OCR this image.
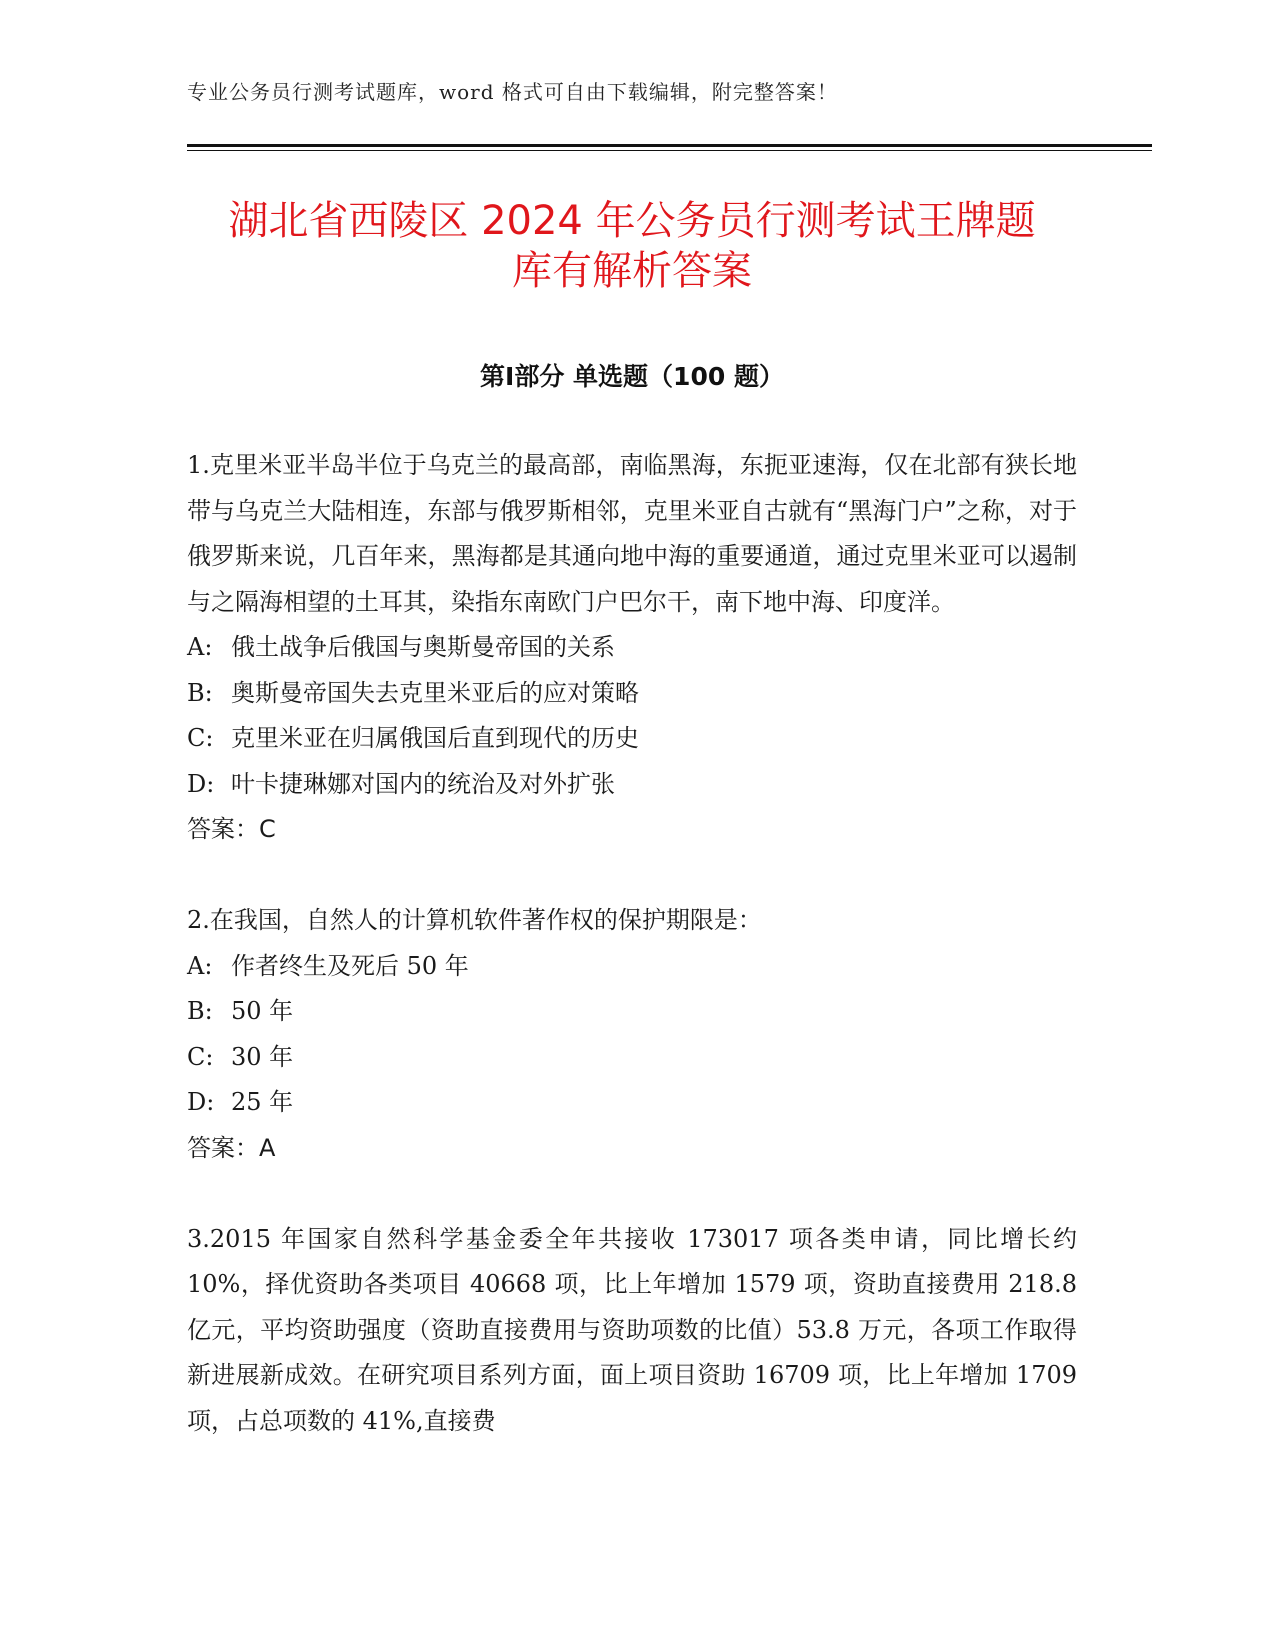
专业公务员行测考试题库，word 格式可自由下载编辑，附完整答案！
湖北省西陵区 2024 年公务员行测考试王牌题
库有解析答案
第Ⅰ部分 单选题（100 题）

1.克里米亚半岛半位于乌克兰的最高部，南临黑海，东扼亚速海，仅在北部有狭长地带与乌克兰大陆相连，东部与俄罗斯相邻，克里米亚自古就有“黑海门户”之称，对于俄罗斯来说，几百年来，黑海都是其通向地中海的重要通道，通过克里米亚可以遏制与之隔海相望的土耳其，染指东南欧门户巴尔干，南下地中海、印度洋。

A: 俄土战争后俄国与奥斯曼帝国的关系

B: 奥斯曼帝国失去克里米亚后的应对策略

C: 克里米亚在归属俄国后直到现代的历史

D: 叶卡捷琳娜对国内的统治及对外扩张

答案：C

2.在我国，自然人的计算机软件著作权的保护期限是：

A: 作者终生及死后 50 年

B: 50 年

C: 30 年

D: 25 年

答案：A

3.2015 年国家自然科学基金委全年共接收 173017 项各类申请，同比增长约 10%，择优资助各类项目 40668 项，比上年增加 1579 项，资助直接费用 218.8 亿元，平均资助强度（资助直接费用与资助项数的比值）53.8 万元，各项工作取得新进展新成效。在研究项目系列方面，面上项目资助 16709 项，比上年增加 1709 项，占总项数的 41%,直接费
